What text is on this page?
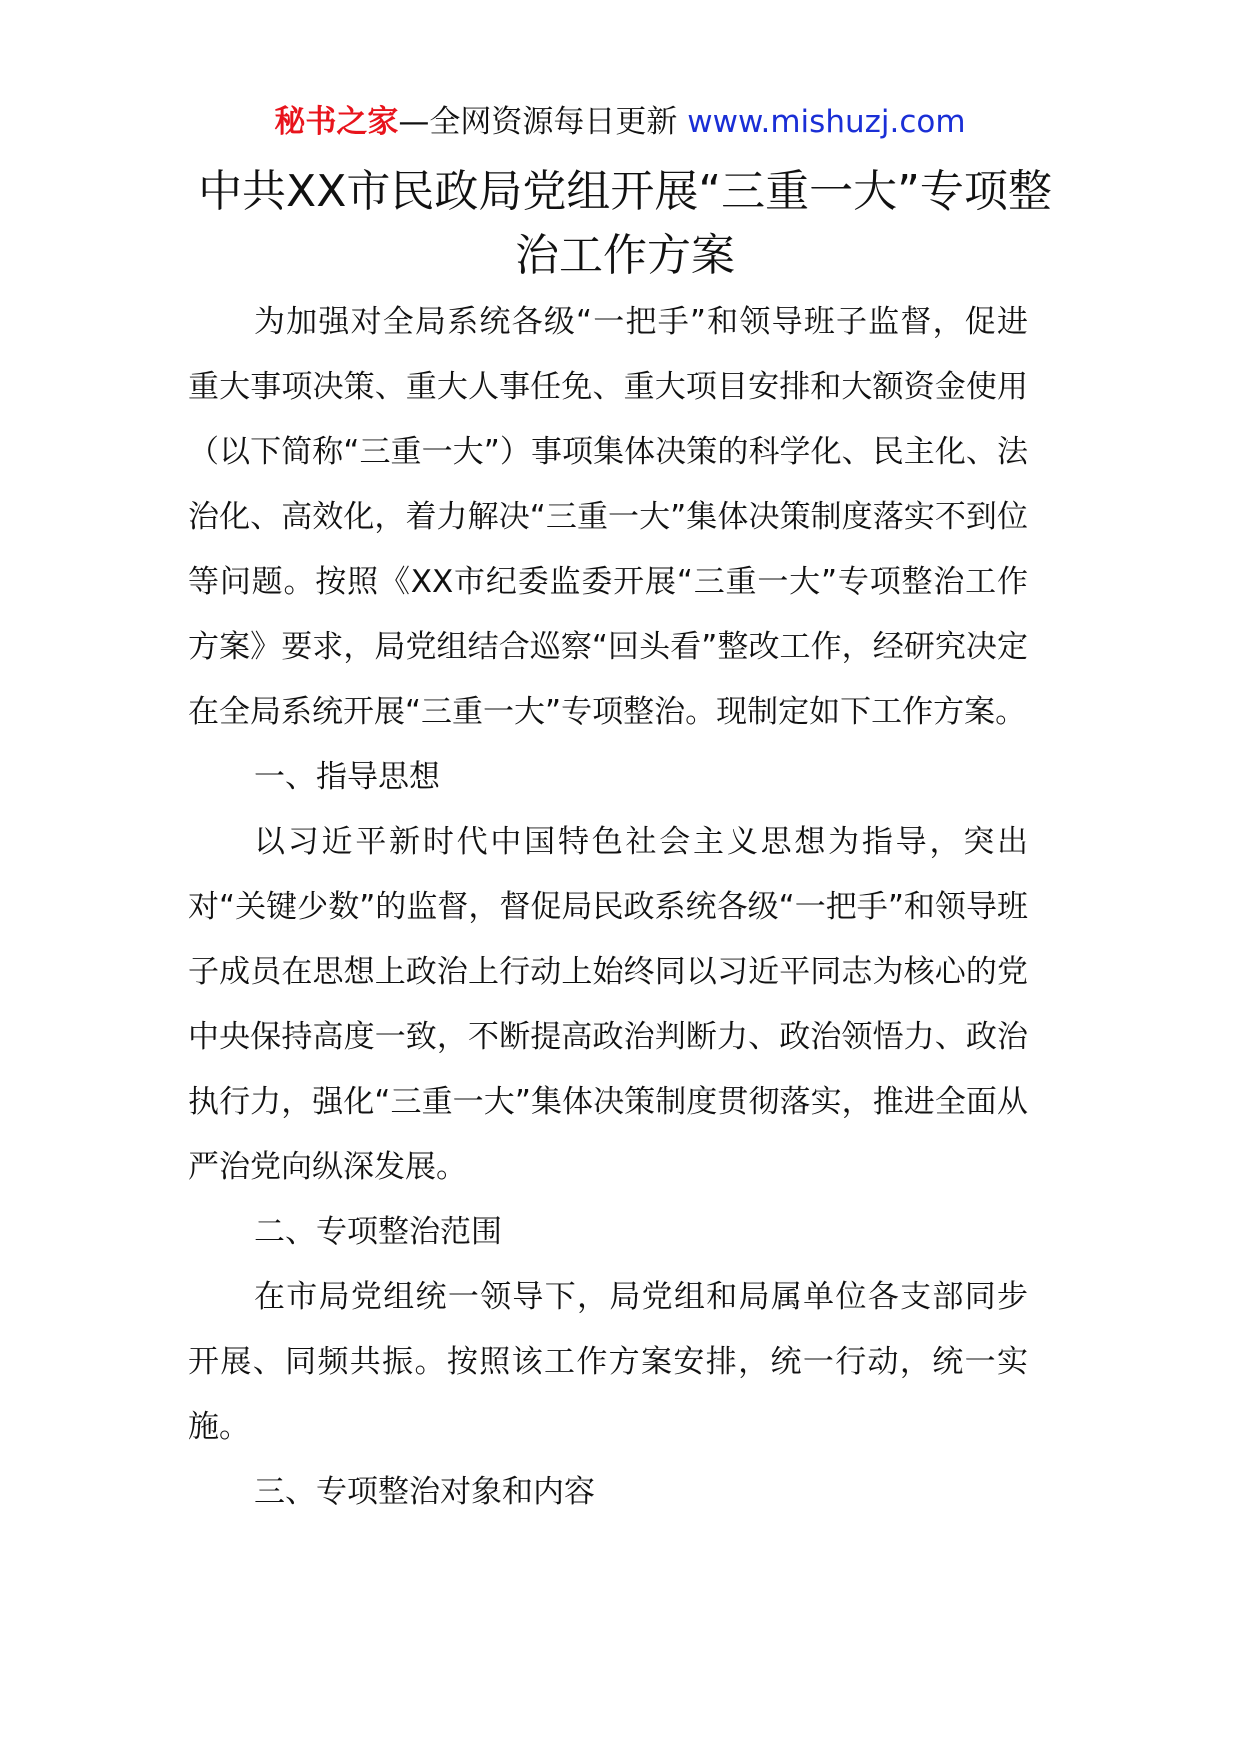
秘书之家—全网资源每日更新 www.mishuzj.com
中共XX市民政局党组开展“三重一大”专项整治工作方案

为加强对全局系统各级“一把手”和领导班子监督，促进重大事项决策、重大人事任免、重大项目安排和大额资金使用（以下简称“三重一大”）事项集体决策的科学化、民主化、法治化、高效化，着力解决“三重一大”集体决策制度落实不到位等问题。按照《XX市纪委监委开展“三重一大”专项整治工作方案》要求，局党组结合巡察“回头看”整改工作，经研究决定在全局系统开展“三重一大”专项整治。现制定如下工作方案。

一、指导思想

以习近平新时代中国特色社会主义思想为指导，突出对“关键少数”的监督，督促局民政系统各级“一把手”和领导班子成员在思想上政治上行动上始终同以习近平同志为核心的党中央保持高度一致，不断提高政治判断力、政治领悟力、政治执行力，强化“三重一大”集体决策制度贯彻落实，推进全面从严治党向纵深发展。

二、专项整治范围

在市局党组统一领导下，局党组和局属单位各支部同步开展、同频共振。按照该工作方案安排，统一行动，统一实施。

三、专项整治对象和内容
